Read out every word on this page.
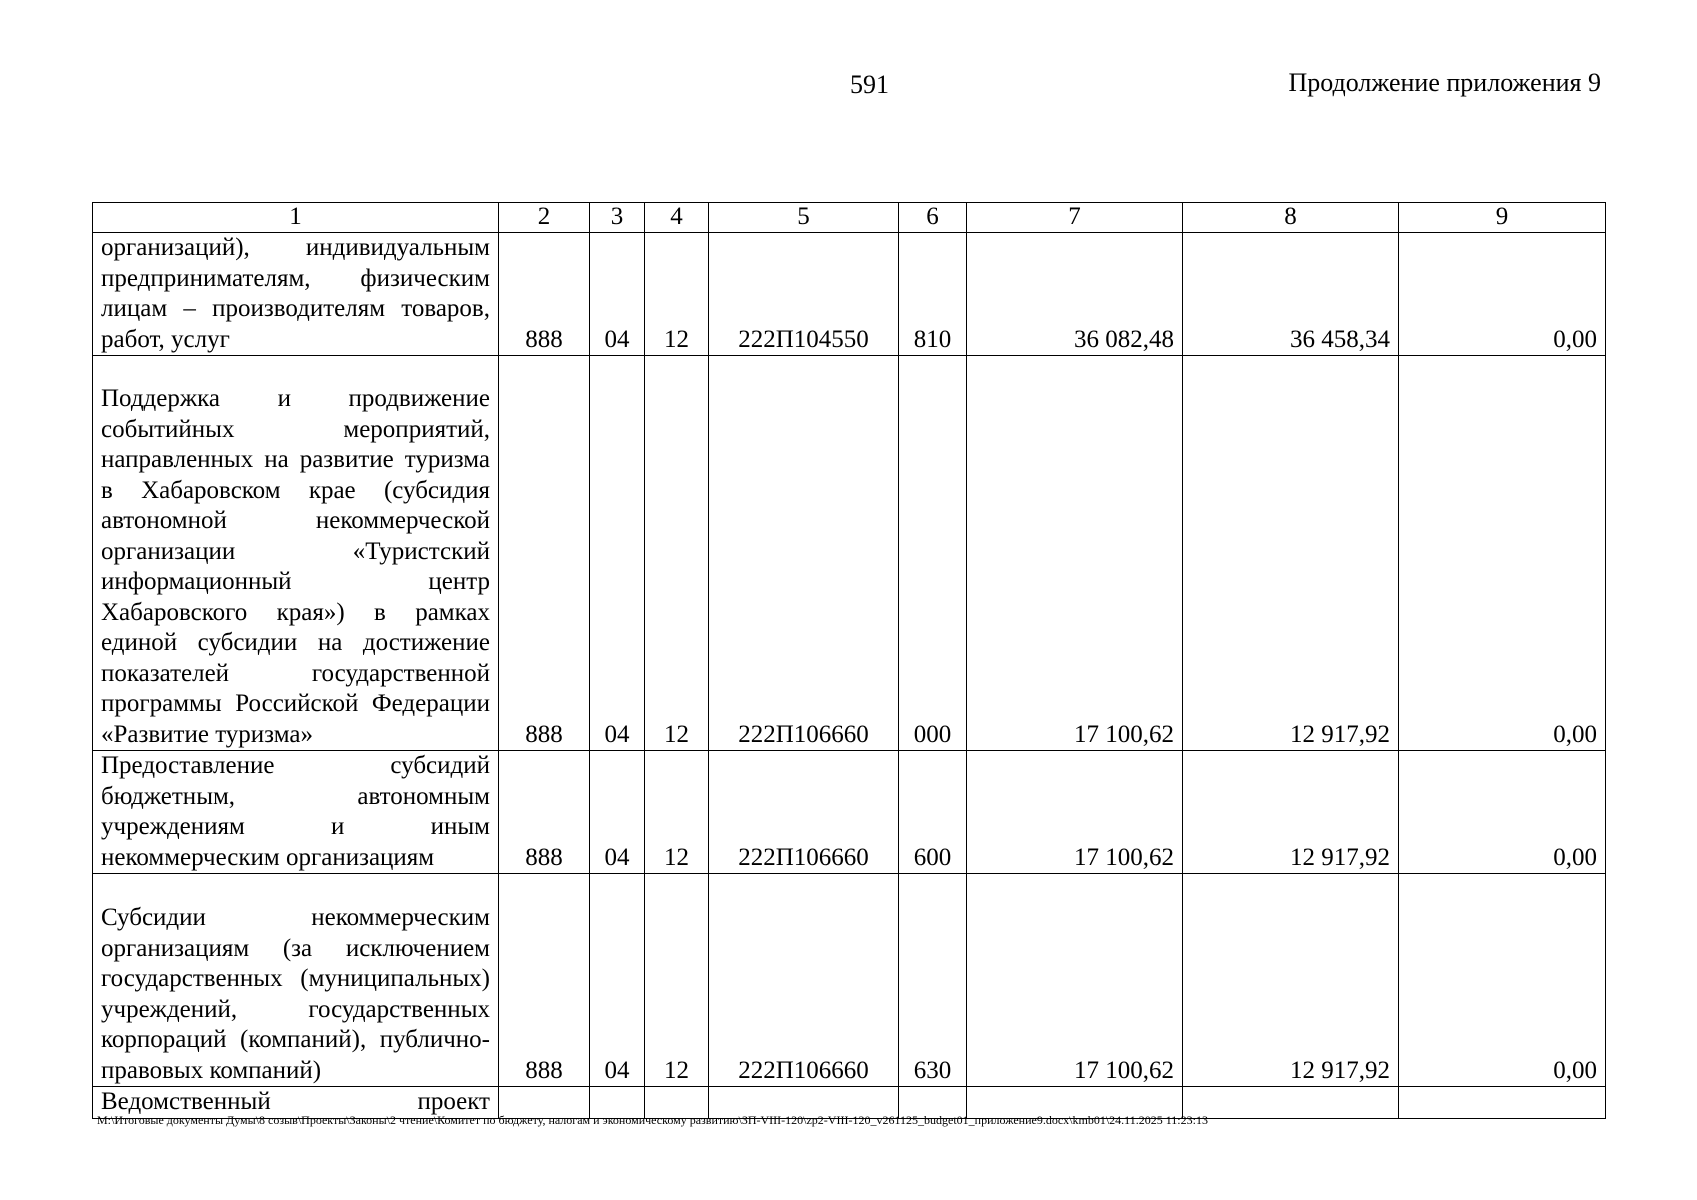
591	Продолжение приложения 9
1	2	3	4	5	6	7	8	9
организаций), индивидуальным предпринимателям, физическим лицам – производителям товаров, работ, услуг	888	04	12	222П104550	810	36 082,48	36 458,34	0,00
Поддержка и продвижение событийных мероприятий, направленных на развитие туризма в Хабаровском крае (субсидия автономной некоммерческой организации «Туристский информационный центр Хабаровского края») в рамках единой субсидии на достижение показателей государственной программы Российской Федерации «Развитие туризма»	888	04	12	222П106660	000	17 100,62	12 917,92	0,00
Предоставление субсидий бюджетным, автономным учреждениям и иным некоммерческим организациям	888	04	12	222П106660	600	17 100,62	12 917,92	0,00
Субсидии некоммерческим организациям (за исключением государственных (муниципальных) учреждений, государственных корпораций (компаний), публично-правовых компаний)	888	04	12	222П106660	630	17 100,62	12 917,92	0,00
Ведомственный проект								
M:\Итоговые документы Думы\8 созыв\Проекты\Законы\2 чтение\Комитет по бюджету, налогам и экономическому развитию\ЗП-VIII-120\zp2-VIII-120_v261125_budget01_приложение9.docx\kmb01\24.11.2025 11:23:13
